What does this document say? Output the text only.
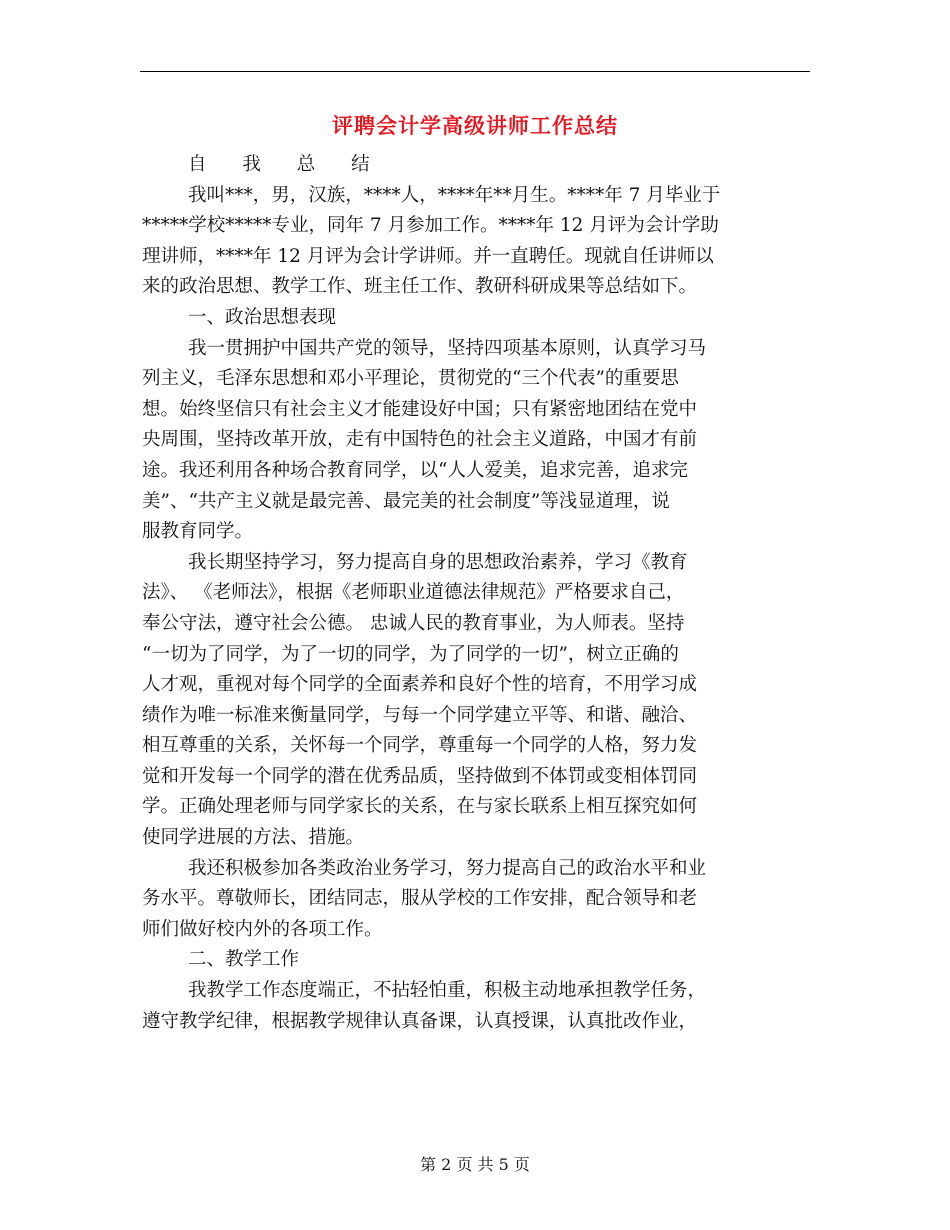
评聘会计学高级讲师工作总结
自 我 总 结
我叫***，男，汉族，****人，****年**月生。****年 7 月毕业于
*****学校*****专业，同年 7 月参加工作。****年 12 月评为会计学助
理讲师，****年 12 月评为会计学讲师。并一直聘任。现就自任讲师以
来的政治思想、教学工作、班主任工作、教研科研成果等总结如下。
一、政治思想表现
我一贯拥护中国共产党的领导，坚持四项基本原则，认真学习马
列主义，毛泽东思想和邓小平理论，贯彻党的“三个代表”的重要思
想。始终坚信只有社会主义才能建设好中国；只有紧密地团结在党中
央周围，坚持改革开放，走有中国特色的社会主义道路，中国才有前
途。我还利用各种场合教育同学，以“人人爱美，追求完善，追求完
美”、“共产主义就是最完善、最完美的社会制度”等浅显道理，说
服教育同学。
我长期坚持学习，努力提高自身的思想政治素养，学习《教育
法》、 《老师法》，根据《老师职业道德法律规范》严格要求自己，
奉公守法，遵守社会公德。 忠诚人民的教育事业，为人师表。坚持
“一切为了同学，为了一切的同学，为了同学的一切”，树立正确的
人才观，重视对每个同学的全面素养和良好个性的培育，不用学习成
绩作为唯一标准来衡量同学，与每一个同学建立平等、和谐、融洽、
相互尊重的关系，关怀每一个同学，尊重每一个同学的人格，努力发
觉和开发每一个同学的潜在优秀品质，坚持做到不体罚或变相体罚同
学。正确处理老师与同学家长的关系，在与家长联系上相互探究如何
使同学进展的方法、措施。
我还积极参加各类政治业务学习，努力提高自己的政治水平和业
务水平。尊敬师长，团结同志，服从学校的工作安排，配合领导和老
师们做好校内外的各项工作。
二、教学工作
我教学工作态度端正，不拈轻怕重，积极主动地承担教学任务，
遵守教学纪律，根据教学规律认真备课，认真授课，认真批改作业，
第 2 页 共 5 页
